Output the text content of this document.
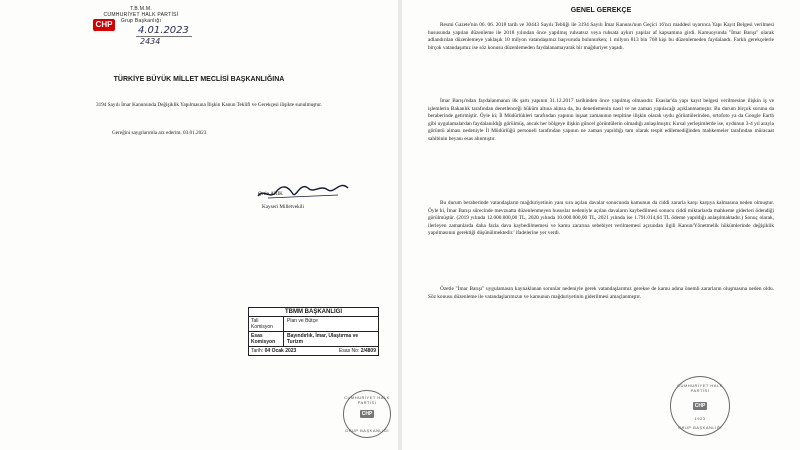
T.B.M.M.
CUMHURİYET HALK PARTİSİ
Grup Başkanlığı
CHP
4.01.2023
2434
TÜRKİYE BÜYÜK MİLLET MECLİSİ BAŞKANLIĞINA
3194 Sayılı İmar Kanununda Değişiklik Yapılmasına İlişkin Kanun Teklifi ve Gerekçesi ilişikte sunulmuştur.
Gereğini saygılarımla arz ederim. 03.01.2023
Çetin ARIK
Kayseri Milletvekili
TBMM BAŞKANLIĞI
Tali Komisyon
Plan ve Bütçe
Esas Komisyon
Bayındırlık, İmar, Ulaştırma ve Turizm
Tarih: 04 Ocak 2023	Esas No: 2/4809
CUMHURİYET HALK PARTİSİ
CHP
GRUP BAŞKANLIĞI
GENEL GEREKÇE
Resmi Gazete'nin 06. 06. 2018 tarih ve 30443 Sayılı Tebliği ile 3194 Sayılı İmar Kanunu'nun Geçici 16'ncı maddesi uyarınca Yapı Kayıt Belgesi verilmesi hususunda yapılan düzenleme ile 2018 yılından önce yapılmış ruhsatsız veya ruhsata aykırı yapılar af kapsamına girdi. Kamuoyunda "İmar Barışı" olarak adlandırılan düzenlemeye yaklaşık 10 milyon vatandaşımız başvuruda bulunurken; 1 milyon 813 bin 768 kişi bu düzenlemeden faydalandı. Farklı gerekçelerle birçok vatandaşımız ise söz konusu düzenlemeden faydalanamayarak bir mağduriyet yaşadı.
İmar Barışı'ndan faydalanmanın ilk şartı yapının 31.12.2017 tarihinden önce yapılmış olmasıdır. Esaslar'da yapı kayıt belgesi verilmesine ilişkin iş ve işlemlerin Bakanlık tarafından denetlenceği hüküm altına alınsa da, bu denetlemenin nasıl ve ne zaman yapılacağı açıklanmamıştır. Bu durum birçok sorunu da beraberinde getirmiştir. Öyle ki; İl Müdürlükleri tarafından yapının inşaat zamanının tespitine ilişkin olarak uydu görüntülerinden, ortofoto ya da Google Earth gibi uygulamalardan faydalanıldığı görülmüş, ancak her bölgeye ilişkin güncel görüntülerin olmadığı anlaşılmıştır. Kırsal yerleşimlerde ise, uydunun 3-4 yıl arayla görüntü alması nedeniyle İl Müdürlüğü personeli tarafından yapının ne zaman yapıldığı tam olarak tespit edilemediğinden mahkemeler tarafından müracaat sahibinin beyanı esas alınmıştır.
Bu durum beraberinde vatandaşların mağduriyetinin yanı sıra açılan davalar sonucunda kamunun da ciddi zararla karşı karşıya kalmasına neden olmuştur. Öyle ki, İmar Barışı sürecinde mevzuatta düzenlenmeyen hususlar nedeniyle açılan davaların kaybedilmesi sonucu ciddi miktarlarda mahkeme giderleri ödendiği görülmüştür. (2019 yılında 12.000.000,00 TL, 2020 yılında 10.000.000,00 TL, 2021 yılında ise 1.791.014,64 TL ödeme yapıldığı anlaşılmaktadır.) Sonuç olarak, ilerleyen zamanlarda daha fazla dava kaybedilmemesi ve kamu zararına sebebiyet verilmemesi açısından ilgili Kanun/Yönetmelik hükümlerinde değişiklik yapılmasının gerektiği düşünülmektedir.' ifadelerine yer verdi.
Özetle "İmar Barışı" uygulamasın kaynaklanan sorunlar nedeniyle gerek vatandaşlarımız gerekse de kamu adına önemli zararların oluşmasına neden oldu. Söz konusu düzenleme ile vatandaşlarımızın ve kamunun mağduriyetinin giderilmesi amaçlanmıştır.
CUMHURİYET HALK PARTİSİ
CHP
1923
GRUP BAŞKANLIĞI
